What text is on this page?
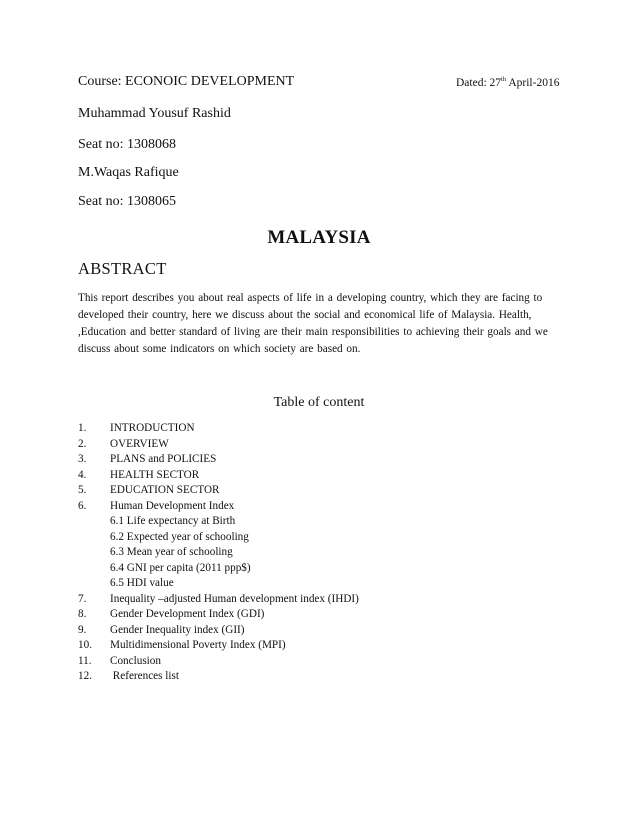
Course: ECONOIC DEVELOPMENT	Dated: 27th April-2016
Muhammad Yousuf Rashid
Seat no: 1308068
M.Waqas Rafique
Seat no: 1308065
MALAYSIA
ABSTRACT
This report describes you about real aspects of life in a developing country, which they are facing to
developed their country, here we discuss about the social and economical life of Malaysia. Health,
,Education and better standard of living are their main responsibilities to achieving their goals and we
discuss about some indicators on which society are based on.
Table of content
1. INTRODUCTION
2. OVERVIEW
3. PLANS and POLICIES
4. HEALTH SECTOR
5. EDUCATION SECTOR
6. Human Development Index
6.1 Life expectancy at Birth
6.2 Expected year of schooling
6.3 Mean year of schooling
6.4 GNI per capita (2011 ppp$)
6.5 HDI value
7. Inequality –adjusted Human development index (IHDI)
8. Gender Development Index (GDI)
9. Gender Inequality index (GII)
10. Multidimensional Poverty Index (MPI)
11. Conclusion
12. References list
